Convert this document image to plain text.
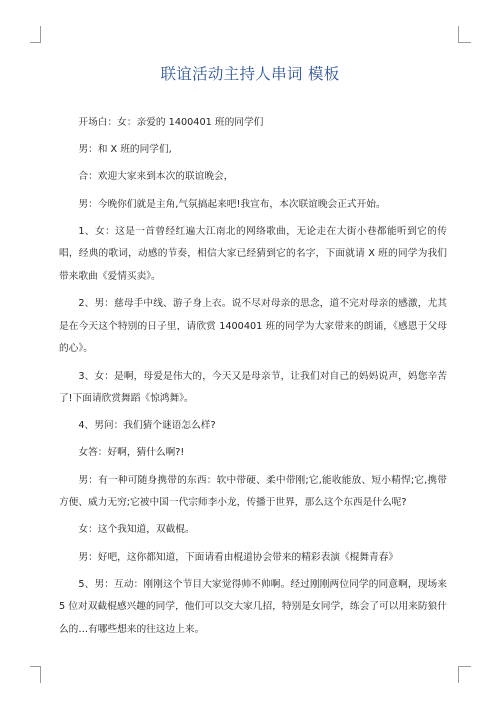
联谊活动主持人串词 模板

开场白：女：亲爱的 1400401 班的同学们

男：和 X 班的同学们,

合：欢迎大家来到本次的联谊晚会，

男：今晚你们就是主角,气氛搞起来吧!我宣布，本次联谊晚会正式开始。

1、女：这是一首曾经红遍大江南北的网络歌曲，无论走在大街小巷都能听到它的传唱，经典的歌词，动感的节奏，相信大家已经猜到它的名字，下面就请 X 班的同学为我们带来歌曲《爱情买卖》。

2、男：慈母手中线、游子身上衣。说不尽对母亲的思念，道不完对母亲的感激，尤其是在今天这个特别的日子里，请欣赏 1400401 班的同学为大家带来的朗诵，《感恩于父母的心》。

3、女：是啊，母爱是伟大的，今天又是母亲节，让我们对自己的妈妈说声，妈您辛苦了!下面请欣赏舞蹈《惊鸿舞》。

4、男问：我们猜个谜语怎么样?

女答：好啊，猜什么啊?!

男：有一种可随身携带的东西：软中带硬、柔中带刚;它,能收能放、短小精悍;它,携带方便、威力无穷;它被中国一代宗师李小龙，传播于世界，那么这个东西是什么呢?

女：这个我知道，双截棍。

男：好吧，这你都知道，下面请看由棍道协会带来的精彩表演《棍舞青春》

5、男：互动：刚刚这个节目大家觉得帅不帅啊。经过刚刚两位同学的同意啊，现场来 5 位对双截棍感兴趣的同学，他们可以交大家几招，特别是女同学，练会了可以用来防狼什么的…有哪些想来的往这边上来。
